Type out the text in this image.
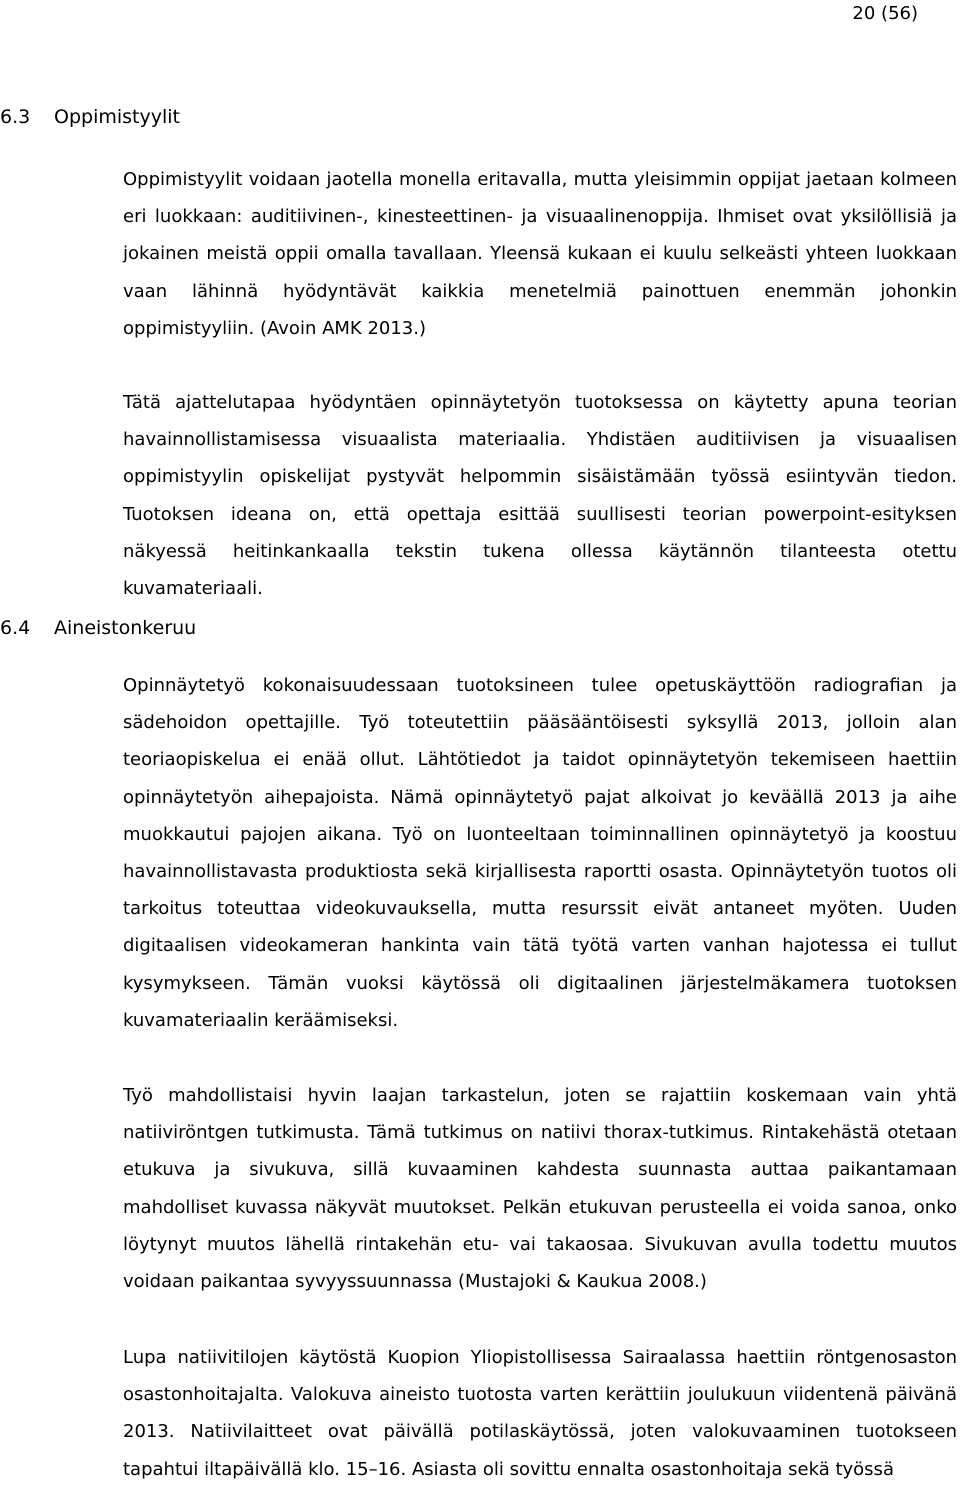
20 (56)
6.3 Oppimistyylit

Oppimistyylit voidaan jaotella monella eritavalla, mutta yleisimmin oppijat jaetaan kolmeen eri luokkaan: auditiivinen-, kinesteettinen- ja visuaalinenoppija. Ihmiset ovat yksilöllisiä ja jokainen meistä oppii omalla tavallaan. Yleensä kukaan ei kuulu selkeästi yhteen luokkaan vaan lähinnä hyödyntävät kaikkia menetelmiä painottuen enemmän johonkin oppimistyyliin. (Avoin AMK 2013.)

Tätä ajattelutapaa hyödyntäen opinnäytetyön tuotoksessa on käytetty apuna teorian havainnollistamisessa visuaalista materiaalia. Yhdistäen auditiivisen ja visuaalisen oppimistyylin opiskelijat pystyvät helpommin sisäistämään työssä esiintyvän tiedon. Tuotoksen ideana on, että opettaja esittää suullisesti teorian powerpoint-esityksen näkyessä heitinkankaalla tekstin tukena ollessa käytännön tilanteesta otettu kuvamateriaali.

6.4 Aineistonkeruu

Opinnäytetyö kokonaisuudessaan tuotoksineen tulee opetuskäyttöön radiografian ja sädehoidon opettajille. Työ toteutettiin pääsääntöisesti syksyllä 2013, jolloin alan teoriaopiskelua ei enää ollut. Lähtötiedot ja taidot opinnäytetyön tekemiseen haettiin opinnäytetyön aihepajoista. Nämä opinnäytetyö pajat alkoivat jo keväällä 2013 ja aihe muokkautui pajojen aikana. Työ on luonteeltaan toiminnallinen opinnäytetyö ja koostuu havainnollistavasta produktiosta sekä kirjallisesta raportti osasta. Opinnäytetyön tuotos oli tarkoitus toteuttaa videokuvauksella, mutta resurssit eivät antaneet myöten. Uuden digitaalisen videokameran hankinta vain tätä työtä varten vanhan hajotessa ei tullut kysymykseen. Tämän vuoksi käytössä oli digitaalinen järjestelmäkamera tuotoksen kuvamateriaalin keräämiseksi.

Työ mahdollistaisi hyvin laajan tarkastelun, joten se rajattiin koskemaan vain yhtä natiiviröntgen tutkimusta. Tämä tutkimus on natiivi thorax-tutkimus. Rintakehästä otetaan etukuva ja sivukuva, sillä kuvaaminen kahdesta suunnasta auttaa paikantamaan mahdolliset kuvassa näkyvät muutokset. Pelkän etukuvan perusteella ei voida sanoa, onko löytynyt muutos lähellä rintakehän etu- vai takaosaa. Sivukuvan avulla todettu muutos voidaan paikantaa syvyyssuunnassa (Mustajoki & Kaukua 2008.)

Lupa natiivitilojen käytöstä Kuopion Yliopistollisessa Sairaalassa haettiin röntgenosaston osastonhoitajalta. Valokuva aineisto tuotosta varten kerättiin joulukuun viidentenä päivänä 2013. Natiivilaitteet ovat päivällä potilaskäytössä, joten valokuvaaminen tuotokseen tapahtui iltapäivällä klo. 15–16. Asiasta oli sovittu ennalta osastonhoitaja sekä työssä
